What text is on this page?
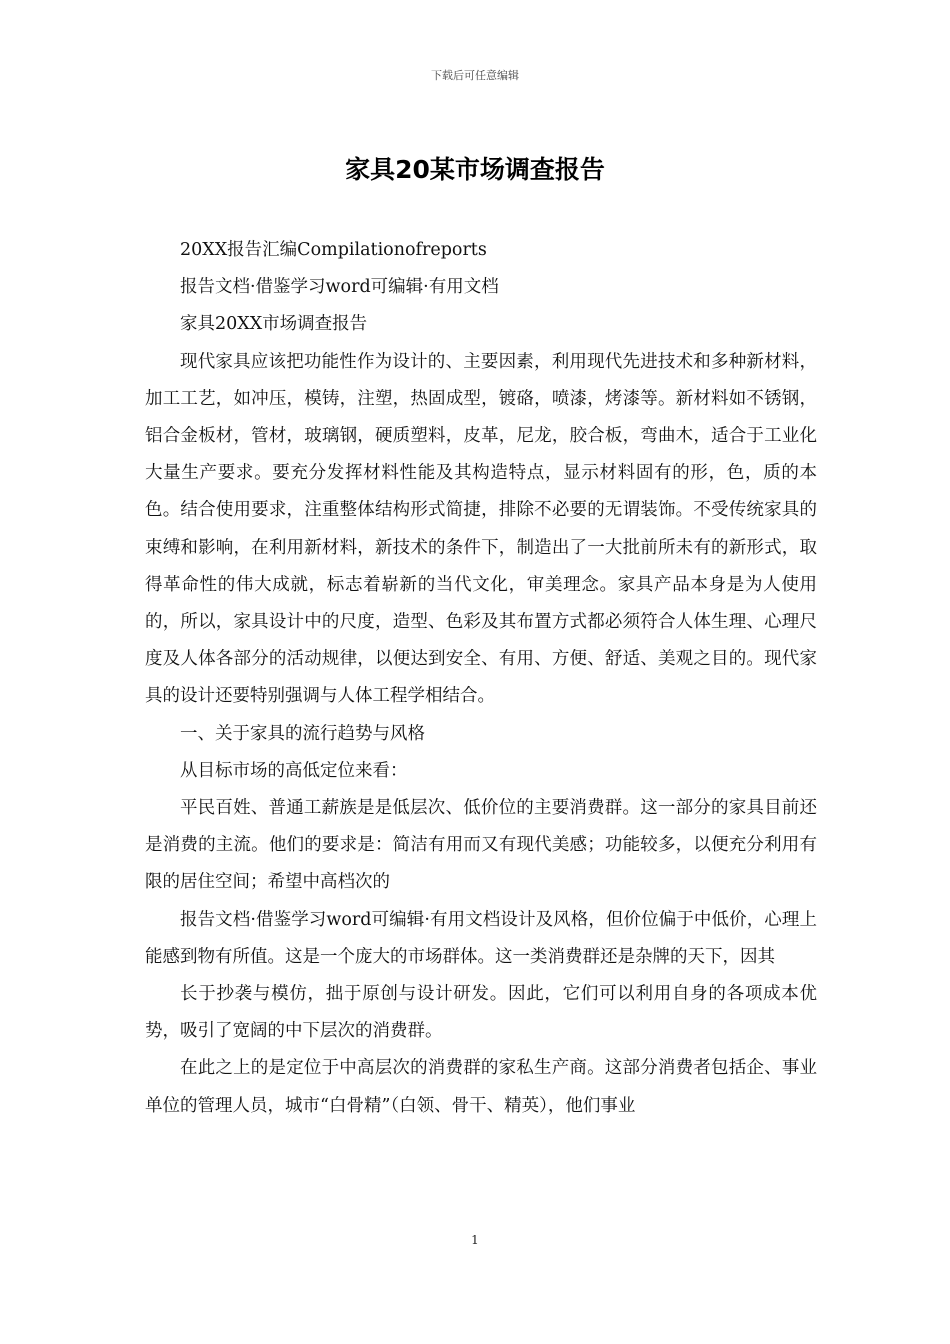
下载后可任意编辑
家具20某市场调查报告

20XX报告汇编Compilationofreports

报告文档·借鉴学习word可编辑·有用文档

家具20XX市场调查报告

现代家具应该把功能性作为设计的、主要因素，利用现代先进技术和多种新材料，加工工艺，如冲压，模铸，注塑，热固成型，镀硌，喷漆，烤漆等。新材料如不锈钢，铝合金板材，管材，玻璃钢，硬质塑料，皮革，尼龙，胶合板，弯曲木，适合于工业化大量生产要求。要充分发挥材料性能及其构造特点，显示材料固有的形，色，质的本色。结合使用要求，注重整体结构形式简捷，排除不必要的无谓装饰。不受传统家具的束缚和影响，在利用新材料，新技术的条件下，制造出了一大批前所未有的新形式，取得革命性的伟大成就，标志着崭新的当代文化，审美理念。家具产品本身是为人使用的，所以，家具设计中的尺度，造型、色彩及其布置方式都必须符合人体生理、心理尺度及人体各部分的活动规律，以便达到安全、有用、方便、舒适、美观之目的。现代家具的设计还要特别强调与人体工程学相结合。

一、关于家具的流行趋势与风格

从目标市场的高低定位来看：

平民百姓、普通工薪族是是低层次、低价位的主要消费群。这一部分的家具目前还是消费的主流。他们的要求是：简洁有用而又有现代美感；功能较多，以便充分利用有限的居住空间；希望中高档次的

报告文档·借鉴学习word可编辑·有用文档设计及风格，但价位偏于中低价，心理上能感到物有所值。这是一个庞大的市场群体。这一类消费群还是杂牌的天下，因其

长于抄袭与模仿，拙于原创与设计研发。因此，它们可以利用自身的各项成本优势，吸引了宽阔的中下层次的消费群。

在此之上的是定位于中高层次的消费群的家私生产商。这部分消费者包括企、事业单位的管理人员，城市“白骨精”（白领、骨干、精英），他们事业

1
